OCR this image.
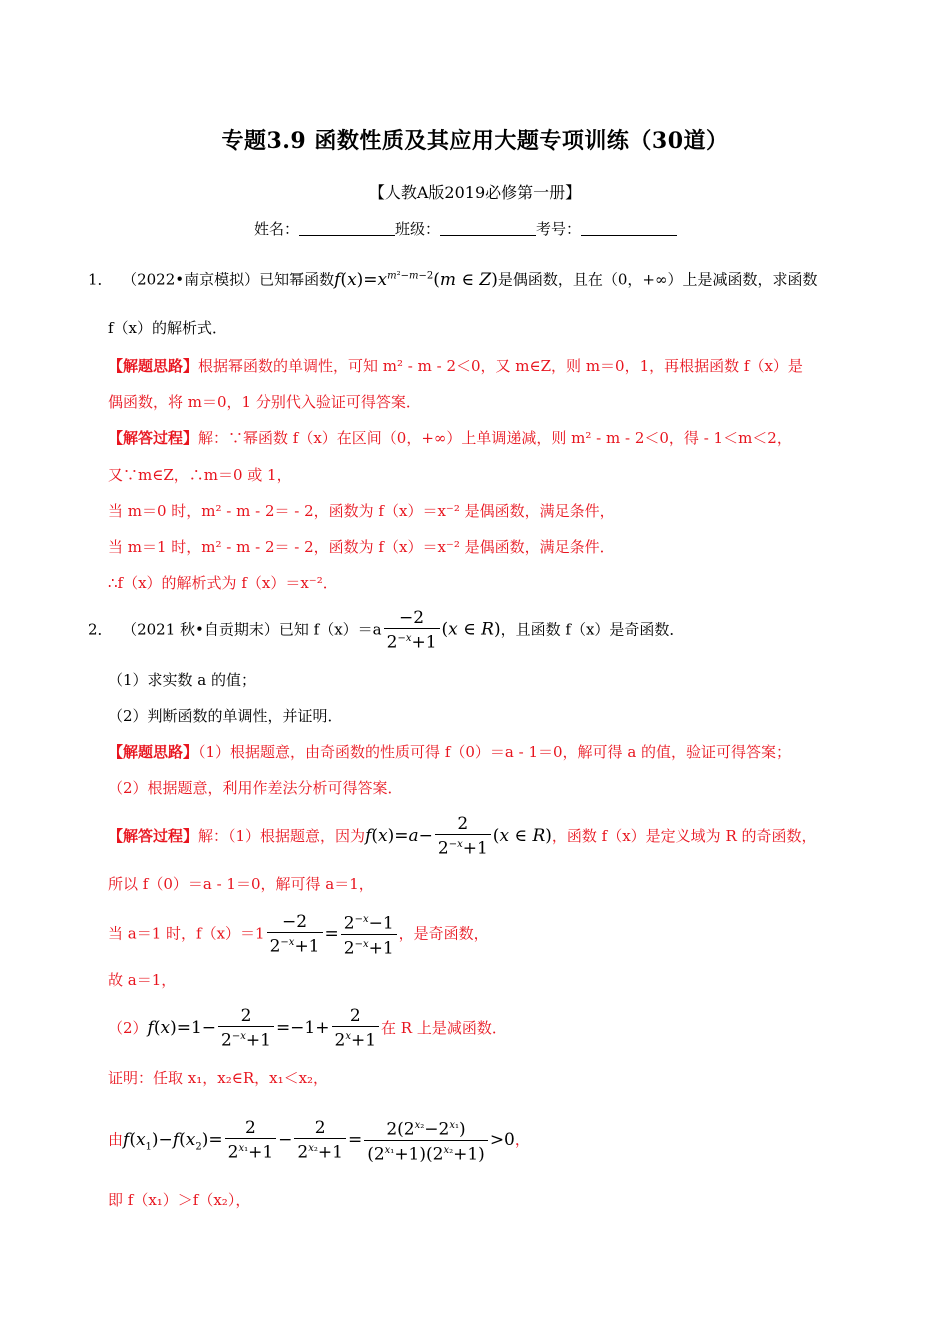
专题3.9 函数性质及其应用大题专项训练（30道）
【人教A版2019必修第一册】
姓名：	班级：	考号：
1． （2022•南京模拟）已知幂函数$f(x)=x^{m^2-m-2}(m$ ∈ Z)是偶函数，且在（0，+∞）上是减函数，求函数
f（x）的解析式．
【解题思路】根据幂函数的单调性，可知 m² - m - 2＜0，又 m∈Z，则 m＝0，1，再根据函数 f（x）是
偶函数，将 m＝0，1 分别代入验证可得答案．
【解答过程】解：∵幂函数 f（x）在区间（0，+∞）上单调递减，则 m² - m - 2＜0，得 - 1＜m＜2，
又∵m∈Z，∴m＝0 或 1，
当 m＝0 时，m² - m - 2＝ - 2，函数为 f（x）＝x⁻² 是偶函数，满足条件，
当 m＝1 时，m² - m - 2＝ - 2，函数为 f（x）＝x⁻² 是偶函数，满足条件．
∴f（x）的解析式为 f（x）＝x⁻²．
2． （2021 秋•自贡期末）已知 $f(x)=a \frac{-2}{2^{-x}+1} (x$ ∈ R)，且函数 f（x）是奇函数．
（1）求实数 a 的值；
（2）判断函数的单调性，并证明．
【解题思路】（1）根据题意，由奇函数的性质可得 f（0）＝a - 1＝0，解可得 a 的值，验证可得答案；
（2）根据题意，利用作差法分析可得答案．
【解答过程】解：（1）根据题意，因为$f(x)=a- \frac{2}{2^{-x}+1} (x$ ∈ R)，函数 f（x）是定义域为 R 的奇函数，
所以 f（0）＝a - 1＝0，解可得 a＝1，
当 a＝1 时，$f(x)=1 \frac{-2}{2^{-x}+1} = \frac{2^{-x}-1}{2^{-x}+1}$ ，是奇函数，
故 a＝1，
$(2)f(x)=1- \frac{2}{2^{-x}+1} =-1+ \frac{2}{2^x+1}$ 在 R 上是减函数．
证明：任取 x₁，x₂∈R，x₁＜x₂，
由$f(x_1)-f(x_2)= \frac{2}{2^{x_1}+1} - \frac{2}{2^{x_2}+1} = \frac{2(2^{x_2}-2^{x_1})}{(2^{x_1}+1)(2^{x_2}+1)} >0$，
即 f（x₁）＞f（x₂），
